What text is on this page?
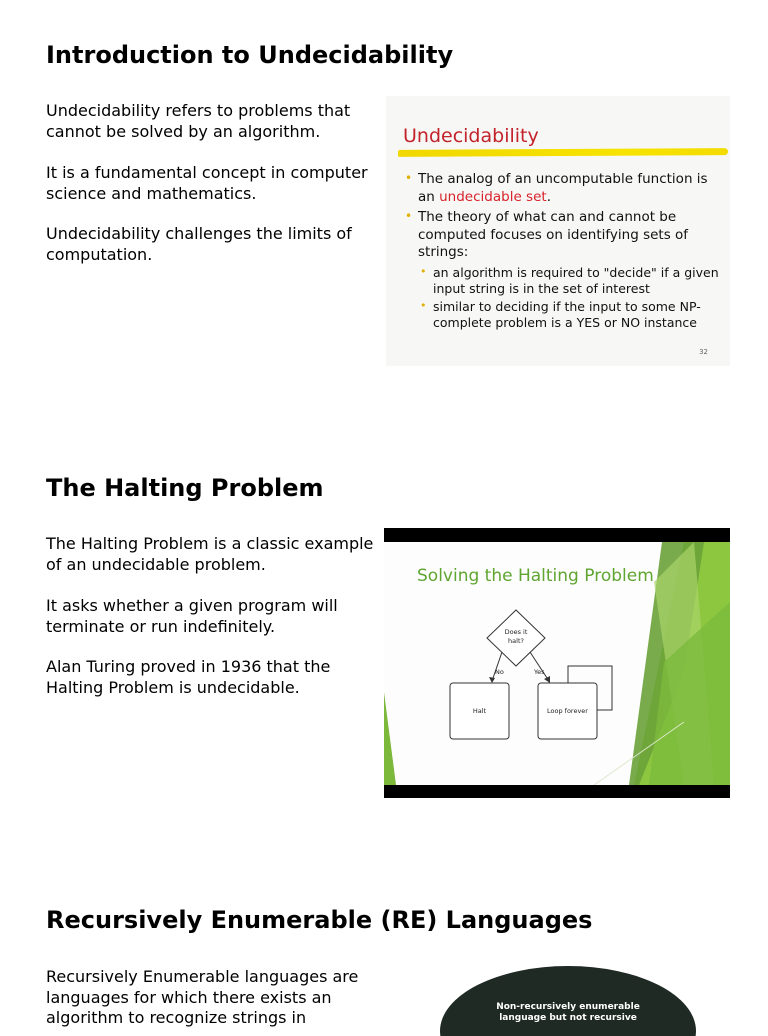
Introduction to Undecidability

Undecidability refers to problems that cannot be solved by an algorithm.

It is a fundamental concept in computer science and mathematics.

Undecidability challenges the limits of computation.

Undecidability
• The analog of an uncomputable function is an undecidable set.
• The theory of what can and cannot be computed focuses on identifying sets of strings:
• an algorithm is required to "decide" if a given input string is in the set of interest
• similar to deciding if the input to some NP-complete problem is a YES or NO instance
32
The Halting Problem

The Halting Problem is a classic example of an undecidable problem.

It asks whether a given program will terminate or run indefinitely.

Alan Turing proved in 1936 that the Halting Problem is undecidable.

Solving the Halting Problem
Does it
halt?
No	Yes
Halt	Loop forever
Recursively Enumerable (RE) Languages

Recursively Enumerable languages are languages for which there exists an algorithm to recognize strings in

Non-recursively enumerable
language but not recursive
